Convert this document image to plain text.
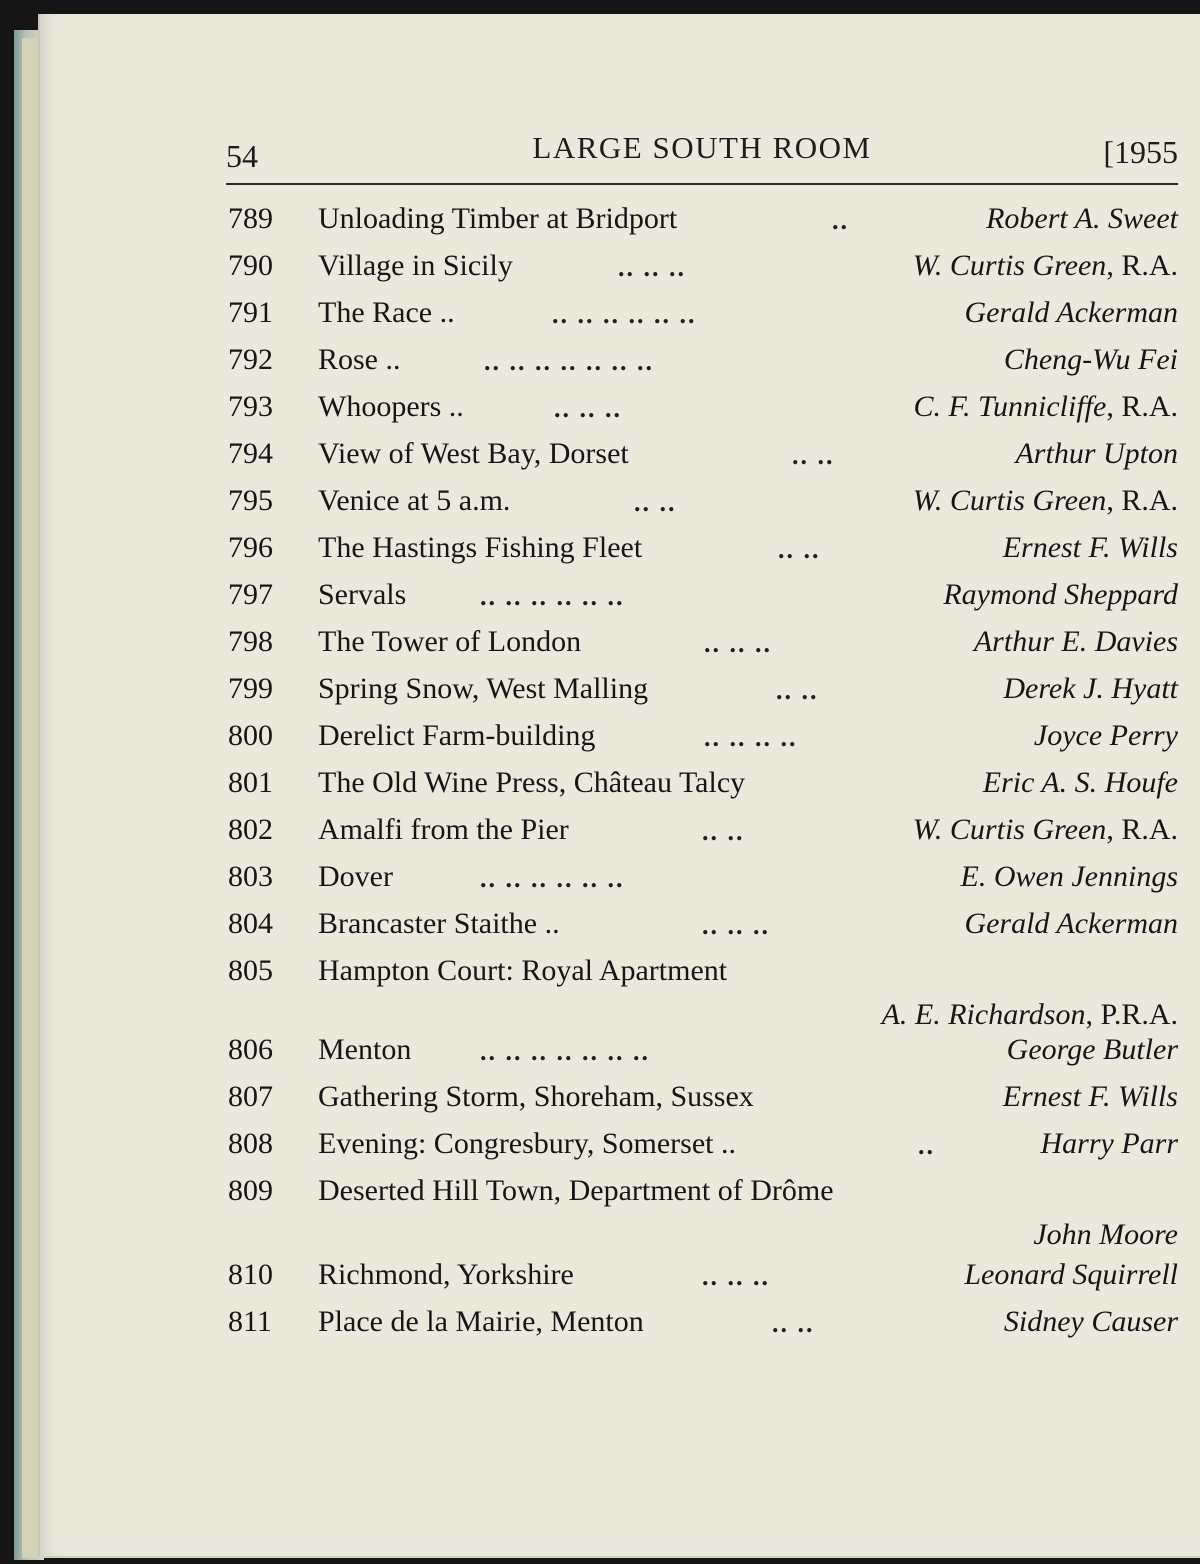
54	LARGE SOUTH ROOM	[1955
789 Unloading Timber at Bridport	..	Robert A. Sweet
790 Village in Sicily	.. .. ..	W. Curtis Green, R.A.
791 The Race ..	.. .. .. .. .. ..	Gerald Ackerman
792 Rose ..	.. .. .. .. .. .. ..	Cheng-Wu Fei
793 Whoopers ..	.. .. ..	C. F. Tunnicliffe, R.A.
794 View of West Bay, Dorset	.. ..	Arthur Upton
795 Venice at 5 a.m.	.. ..	W. Curtis Green, R.A.
796 The Hastings Fishing Fleet	.. ..	Ernest F. Wills
797 Servals	.. .. .. .. .. ..	Raymond Sheppard
798 The Tower of London	.. .. ..	Arthur E. Davies
799 Spring Snow, West Malling	.. ..	Derek J. Hyatt
800 Derelict Farm-building	.. .. .. ..	Joyce Perry
801 The Old Wine Press, Château Talcy	Eric A. S. Houfe
802 Amalfi from the Pier	.. ..	W. Curtis Green, R.A.
803 Dover	.. .. .. .. .. ..	E. Owen Jennings
804 Brancaster Staithe ..	.. .. ..	Gerald Ackerman
805 Hampton Court: Royal Apartment
A. E. Richardson, P.R.A.
806 Menton	.. .. .. .. .. .. ..	George Butler
807 Gathering Storm, Shoreham, Sussex	Ernest F. Wills
808 Evening: Congresbury, Somerset ..	..	Harry Parr
809 Deserted Hill Town, Department of Drôme
John Moore
810 Richmond, Yorkshire	.. .. ..	Leonard Squirrell
811 Place de la Mairie, Menton	.. ..	Sidney Causer
